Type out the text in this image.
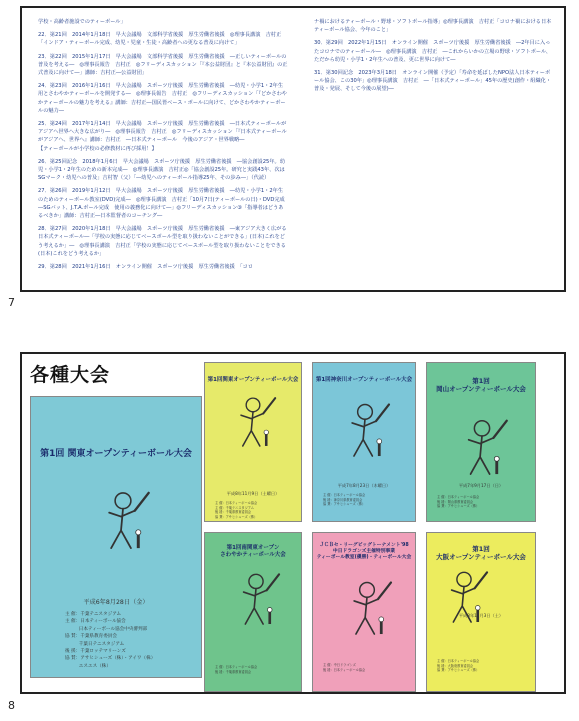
学校・高齢者施設でのティーボール」
22．第21回　2014年1月18日　早大会議場　文部科学省後援　厚生労働省後援　◎理事長講演　吉村正「インドア・ティーボール完成、幼児・児童・生徒・高齢者への更なる普及に向けて」
23．第22回　2015年1月17日　早大会議場　文部科学省後援　厚生労働省後援　―正しいティーボールの普及を考える―　◎理事長報告　吉村正　◎フリーディスカッション「『本公益財団』と『本公益財団』の正式普及に向けて―」講師：吉村正―公益財団」
24．第23回　2016年1月16日　早大会議場　スポーツ庁後援　厚生労働省後援　―幼児・小学1・2年生用とさわやかティーボールを開発する―　◎理事長報告　吉村正　◎フリーディスカッション「『どかさわやかティーボールの魅力を考える』講師：吉村正―国民皆ベース・ボールに向けて、どかさわやかティーボールの魅力―
25．第24回　2017年1月14日　早大会議場　スポーツ庁後援　厚生労働省後援　―日本式ティーボールがアジアへ世界へ大きな広がり―　◎理事長報告　吉村正　◎フリーディスカッション「『日本式ティーボールがアジアへ、世界へ』講師：吉村正　―日本式ティーボール　今後のアジア・世界戦略―　　　　　　　　　　【ティーボールが小学校の必修教材に再び採用！】
26．第25回記念　2018年1月6日　早大会議場　スポーツ庁後援　厚生労働省後援　―協会創設25年。幼児・小学1・2年生のための新本完成―　◎理事長講演　吉村正◎「協会創設25年。研究と実践43年、次はSGマーク・幼児への普及」吉村智（父）「―幼児へのティーボール指導25年、その歩み―」（代読）
27．第26回　2019年1月12日　早大会議場　スポーツ庁後援　厚生労働省後援　―幼児・小学1・2年生のためのティーボール教室(DVD)完成―　◎理事長講演　吉村正「10月7日(ティーボールの日)・DVD完成―SGバット、J.T.A.ボール完成　使用の義務化に向けて―」◎フリーディスカッション③「指導者はどうあるべきか」講師：吉村正―日本監督者のコーチング―
28．第27回　2020年1月18日　早大会議場　スポーツ庁後援　厚生労働省後援　―東アジア大きく広がる日本式ティーボール―「学校の実態に応じてベースボール型を取り扱わないことができる」(日本)これをどう考えるか」―　◎理事長講演　吉村正「学校の実態に応じてベースボール型を取り扱わないことをできる(日本)これをどう考えるか」
29．第28回　2021年1月16日　オンライン開催　スポーツ庁後援　厚生労働省後援　「コロ
ナ禍におけるティーボール・野球・ソフトボール指導」◎理事長講演　吉村正「コロナ禍における日本ティーボール協会、今年のこと」
30．第29回　2022年1月15日　オンライン開催　スポーツ庁後援　厚生労働省後援　―2年目に入ったコロナでのティーボール―　◎理事長講演　吉村正　―これからいかの立場の野球・ソフトボール、ただから幼児・小学1・2年生への普及、更に世界に向けて―
31．第30回記念　2023年3月18日　オンライン開催（予定）「寿命を延ばしたNPO法人日本ティーボール協会、この30年」◎理事長講演　吉村正　―「日本式ティーボール」45年の歴史(創作・組織化・普及・発展、そして今後の展望)―
7
各種大会
第1回 関東オープンティーボール大会
平成6年8月28日（金）
主 催：千葉テニスタジアム
主 催：日本ティーボール協会
　　　日本ティーボール協会中央審判部
協 賛：千葉県教育委員会
　　　千葉日テニスタジアム
後 援：千葉ロッテマリーンズ
協 賛：アサヒシューズ（株）・アイワ（株）
　　　エスエス（株）
第1回関東オープンティーボール大会
平成8年11月9日（土曜日）
主 催：日本ティーボール協会
主 催：千葉テニスタジアム
後 援：千葉県教育委員会
協 賛：アサヒシューズ（株）
第1回神奈川オープンティーボール大会
平成7年8月23日（木曜日）
主 催：日本ティーボール協会
後 援：神奈川県教育委員会
協 賛：アサヒシューズ（株）
第1回
岡山オープンティーボール大会
平成7年9月17日（日）
主 催：日本ティーボール協会
後 援：岡山県教育委員会
協 賛：アサヒシューズ（株）
第1回南関東オープン
さわやかティーボール大会
主 催：日本ティーボール協会
後 援：千葉県教育委員会
ＪＣＢセ・リーグビッグトーナメント'98
中日ドラゴンズ主催特別事業
ティーボール教室(優勝)・ティーボール大会
主 催：中日ドラゴンズ
後 援：日本ティーボール協会
第1回
大阪オープンティーボール大会
平成8年11月3日（土）
主 催：日本ティーボール協会
後 援：大阪府教育委員会
協 賛：アサヒシューズ（株）
8
